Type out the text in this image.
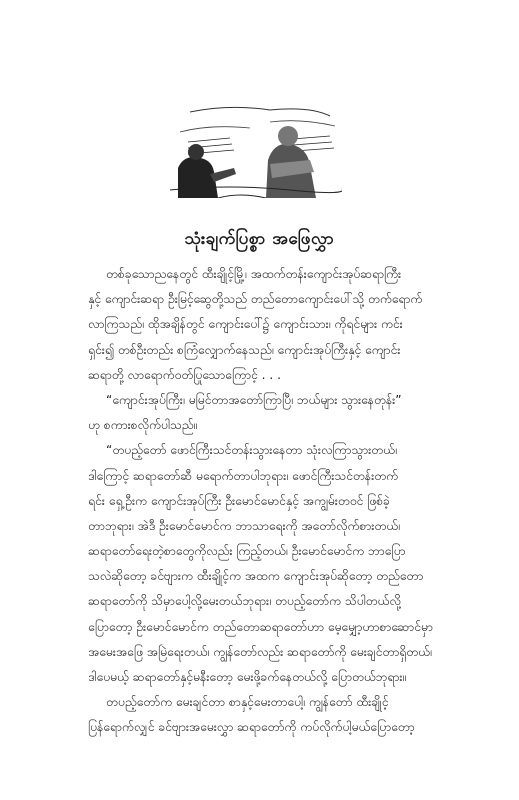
သုံးချက်ပြစ္စာ အဖြေလွှာ
တစ်ခုသောညနေတွင် ထီးချိုင့်မြို့၊ အထက်တန်းကျောင်းအုပ်ဆရာကြီး
နှင့် ကျောင်းဆရာ ဦးမြင့်ဆွေတို့သည် တည်တောကျောင်းပေါ်သို့ တက်ရောက်
လာကြသည်၊ ထိုအချိန်တွင် ကျောင်းပေါ်၌ ကျောင်းသား၊ ကိုရင်များ ကင်း
ရှင်း၍ တစ်ဦးတည်း စကြံလျှောက်နေသည်၊ ကျောင်းအုပ်ကြီးနှင့် ကျောင်း
ဆရာတို့ လာရောက်ဝတ်ပြုသောကြောင့် . . .
“ကျောင်းအုပ်ကြီး၊ မမြင်တာအတော်ကြာပြီ၊ ဘယ်များ သွားနေတုန်း”
ဟု စကားစလိုက်ပါသည်။
“တပည့်တော် ဖောင်ကြီးသင်တန်းသွားနေတာ သုံးလကြာသွားတယ်၊
ဒါကြောင့် ဆရာတော်ဆီ မရောက်တာပါဘုရား၊ ဖောင်ကြီးသင်တန်းတက်
ရင်း ရှေ့ဦးက ကျောင်းအုပ်ကြီး ဦးမောင်မောင်နှင့် အကျွမ်းတဝင် ဖြစ်ခဲ့
တာဘုရား၊ အဲဒီ ဦးမောင်မောင်က ဘာသာရေးကို အတော်လိုက်စားတယ်၊
ဆရာတော်ရေးတဲ့စာတွေကိုလည်း ကြည့်တယ်၊ ဦးမောင်မောင်က ဘာပြော
သလဲဆိုတော့ ခင်ဗျားက ထီးချိုင့်က အထက ကျောင်းအုပ်ဆိုတော့ တည်တော
ဆရာတော်ကို သိမှာပေါ့လို့မေးတယ်ဘုရား၊ တပည့်တော်က သိပါတယ်လို့
ပြောတော့ ဦးမောင်မောင်က တည်တောဆရာတော်ဟာ မေ့မျှော့ဟာစာဆောင်မှာ
အမေးအဖြေ အမြဲရေးတယ်၊ ကျွန်တော်လည်း ဆရာတော်ကို မေးချင်တာရှိတယ်၊
ဒါပေမယ့် ဆရာတော်နှင့်မနီးတော့ မေးဖို့ခက်နေတယ်လို့ ပြောတယ်ဘုရား။
တပည့်တော်က မေးချင်တာ စာနှင့်မေးတာပေါ့၊ ကျွန်တော် ထီးချိုင့်
ပြန်ရောက်လျှင် ခင်ဗျားအမေးလွှာ ဆရာတော်ကို ကပ်လိုက်ပါ့မယ်ပြောတော့
